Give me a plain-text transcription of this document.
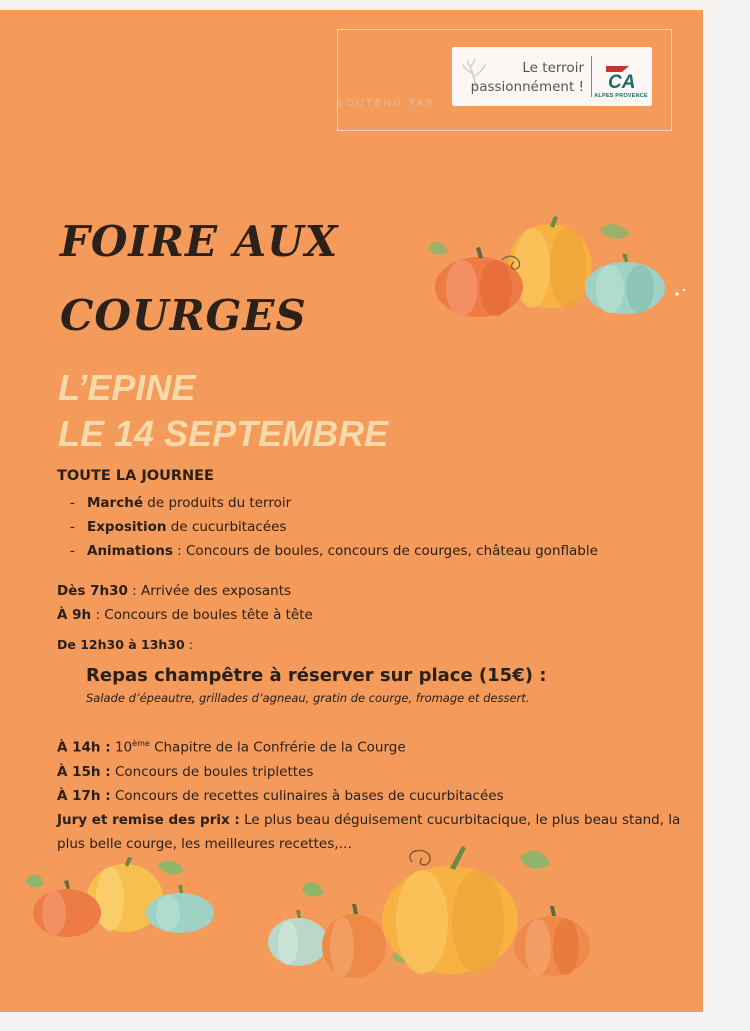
SOUTENU PAR
Le terroir
passionnément ! CA
ALPES PROVENCE
FOIRE AUX
COURGES
L’EPINE
LE 14 SEPTEMBRE
TOUTE LA JOURNEE
- Marché de produits du terroir
- Exposition de cucurbitacées
- Animations : Concours de boules, concours de courges, château gonflable
Dès 7h30 : Arrivée des exposants
À 9h : Concours de boules tête à tête
De 12h30 à 13h30 :
Repas champêtre à réserver sur place (15€) :
Salade d’épeautre, grillades d’agneau, gratin de courge, fromage et dessert.
À 14h : 10ème Chapitre de la Confrérie de la Courge
À 15h : Concours de boules triplettes
À 17h : Concours de recettes culinaires à bases de cucurbitacées
Jury et remise des prix : Le plus beau déguisement cucurbitacique, le plus beau stand, la plus belle courge, les meilleures recettes,…
